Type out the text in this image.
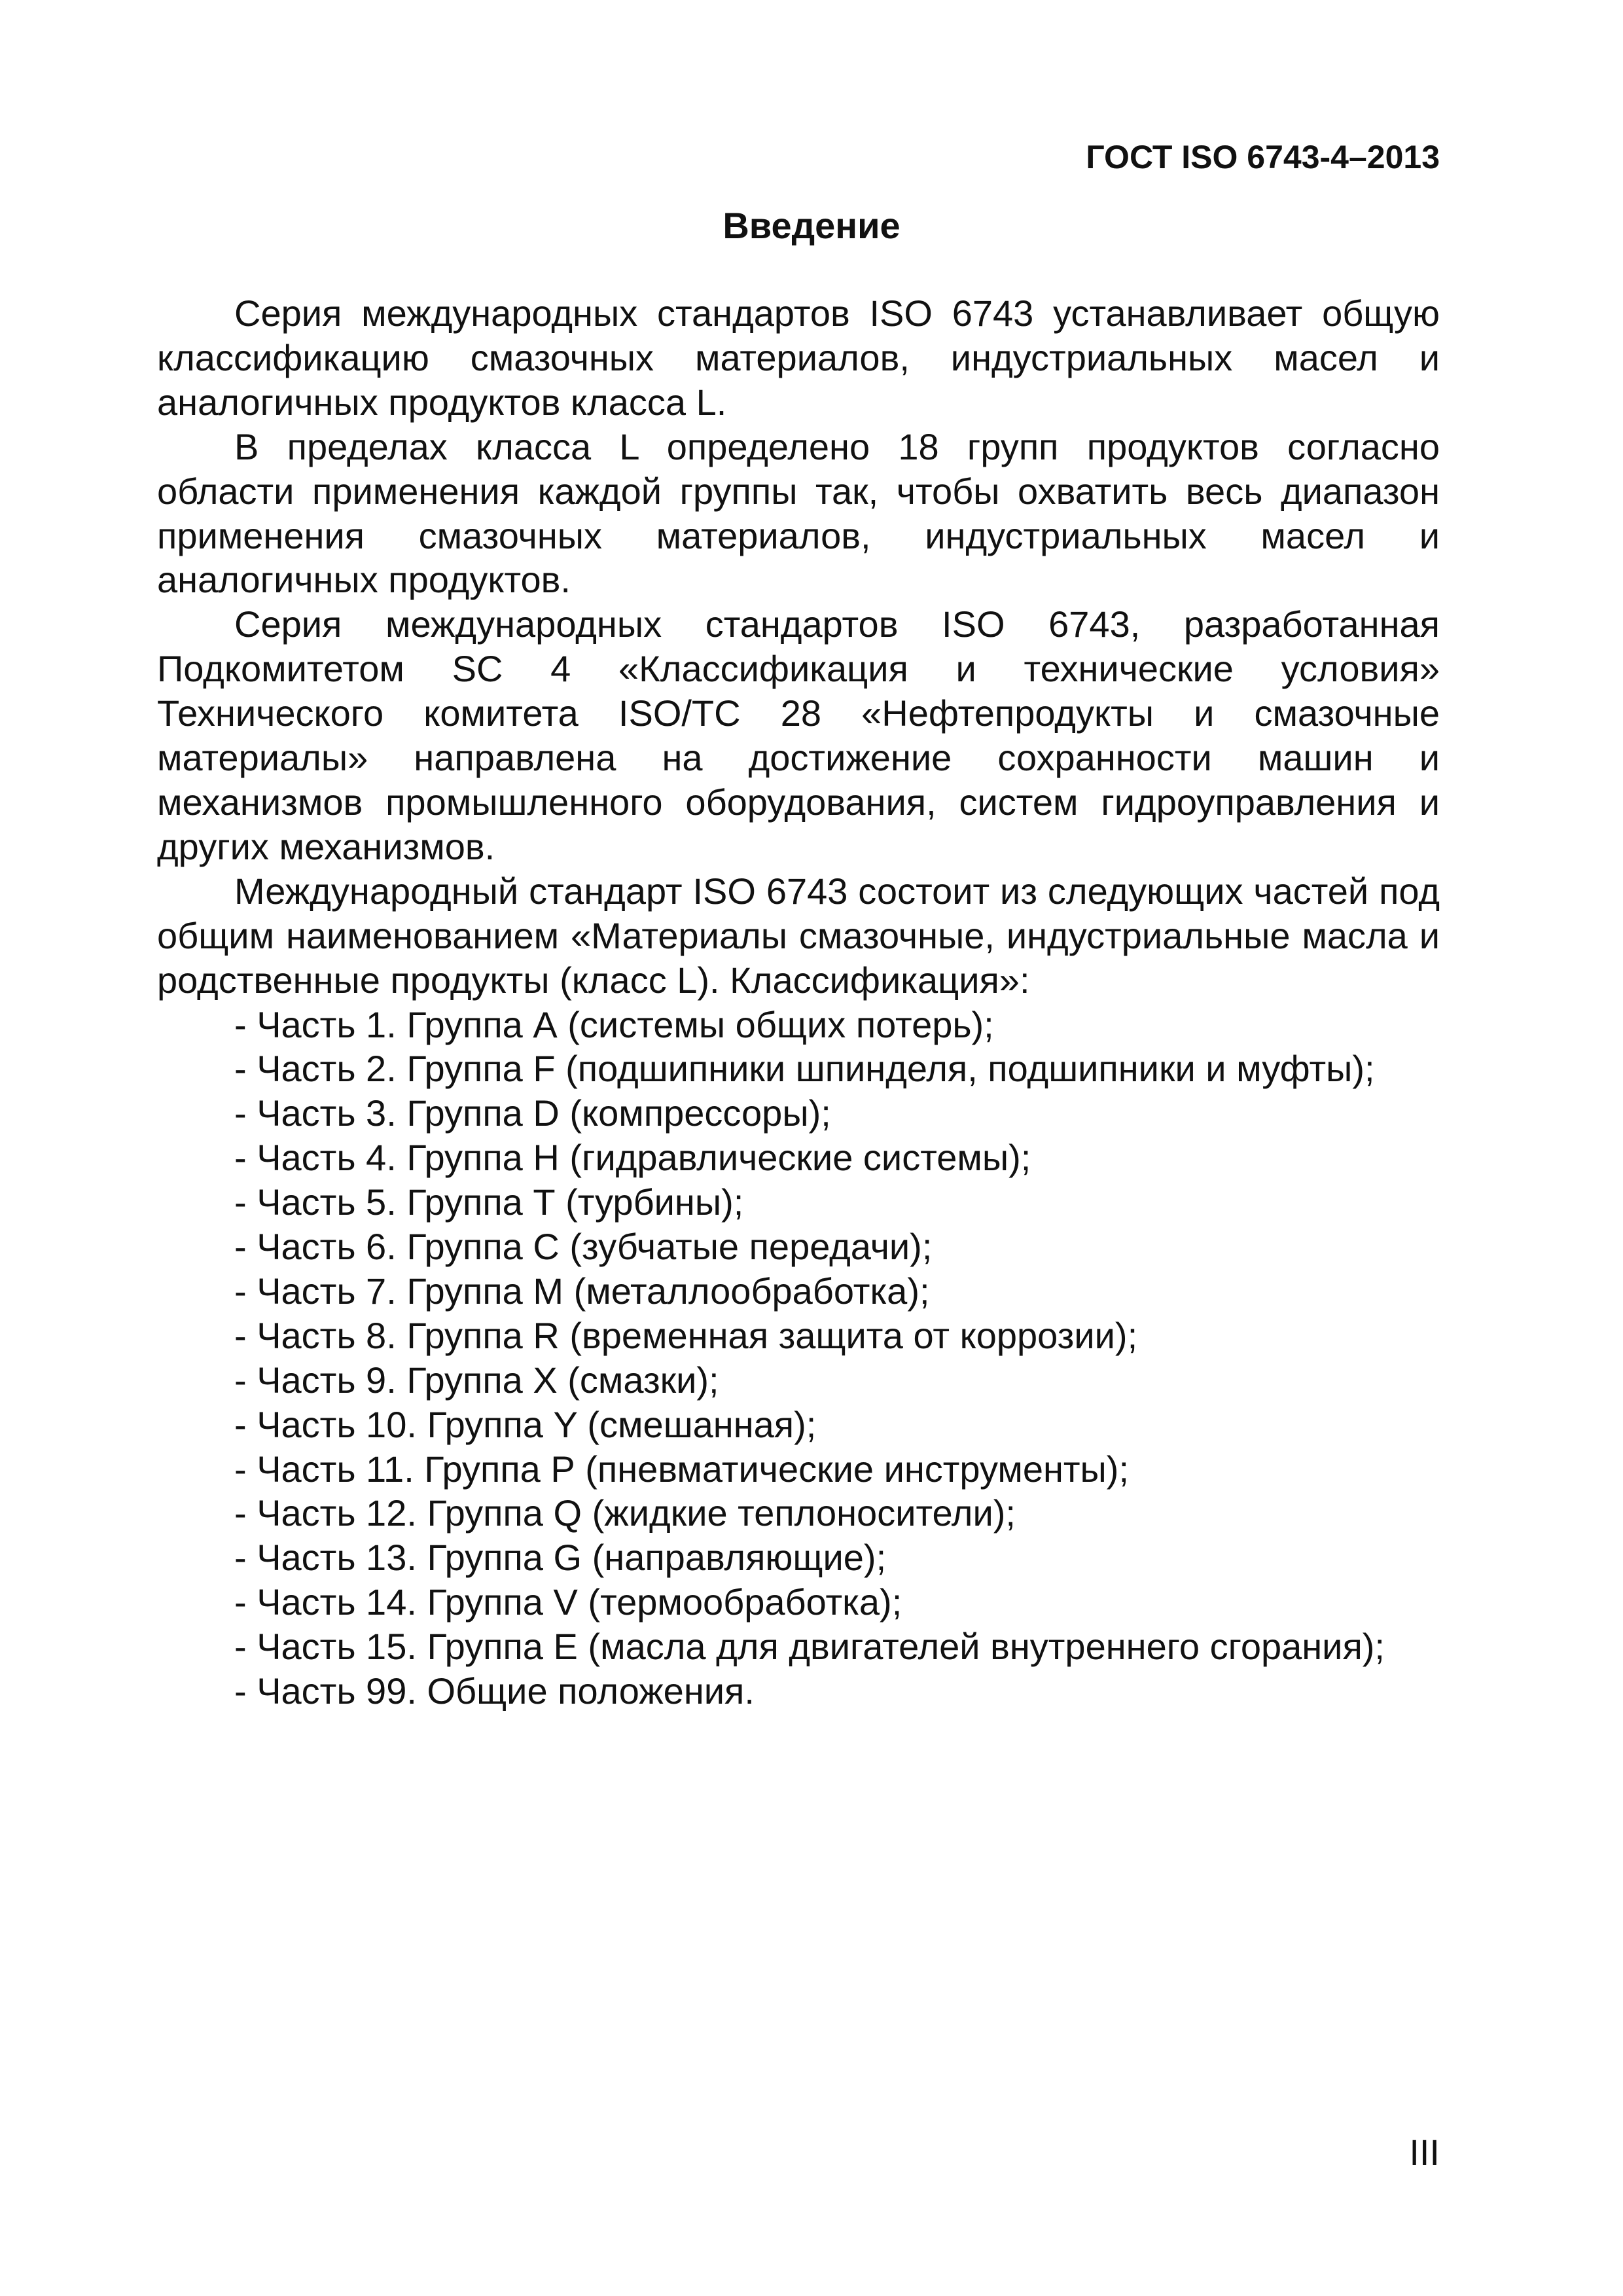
ГОСТ ISO 6743-4–2013

Введение

Серия международных стандартов ISO 6743 устанавливает общую классификацию смазочных материалов, индустриальных масел и аналогичных продуктов класса L.

В пределах класса L определено 18 групп продуктов согласно области применения каждой группы так, чтобы охватить весь диапазон применения смазочных материалов, индустриальных масел и аналогичных продуктов.

Серия международных стандартов ISO 6743, разработанная Подкомитетом SC 4 «Классификация и технические условия» Технического комитета ISO/TC 28 «Нефтепродукты и смазочные материалы» направлена на достижение сохранности машин и механизмов промышленного оборудования, систем гидроуправления и других механизмов.

Международный стандарт ISO 6743 состоит из следующих частей под общим наименованием «Материалы смазочные, индустриальные масла и родственные продукты (класс L). Классификация»:

- Часть 1. Группа А (системы общих потерь);
- Часть 2. Группа F (подшипники шпинделя, подшипники и муфты);
- Часть 3. Группа D (компрессоры);
- Часть 4. Группа Н (гидравлические системы);
- Часть 5. Группа Т (турбины);
- Часть 6. Группа С (зубчатые передачи);
- Часть 7. Группа М (металлообработка);
- Часть 8. Группа R (временная защита от коррозии);
- Часть 9. Группа X (смазки);
- Часть 10. Группа Y (смешанная);
- Часть 11. Группа Р (пневматические инструменты);
- Часть 12. Группа Q (жидкие теплоносители);
- Часть 13. Группа G (направляющие);
- Часть 14. Группа V (термообработка);
- Часть 15. Группа Е (масла для двигателей внутреннего сгорания);
- Часть 99. Общие положения.

III
